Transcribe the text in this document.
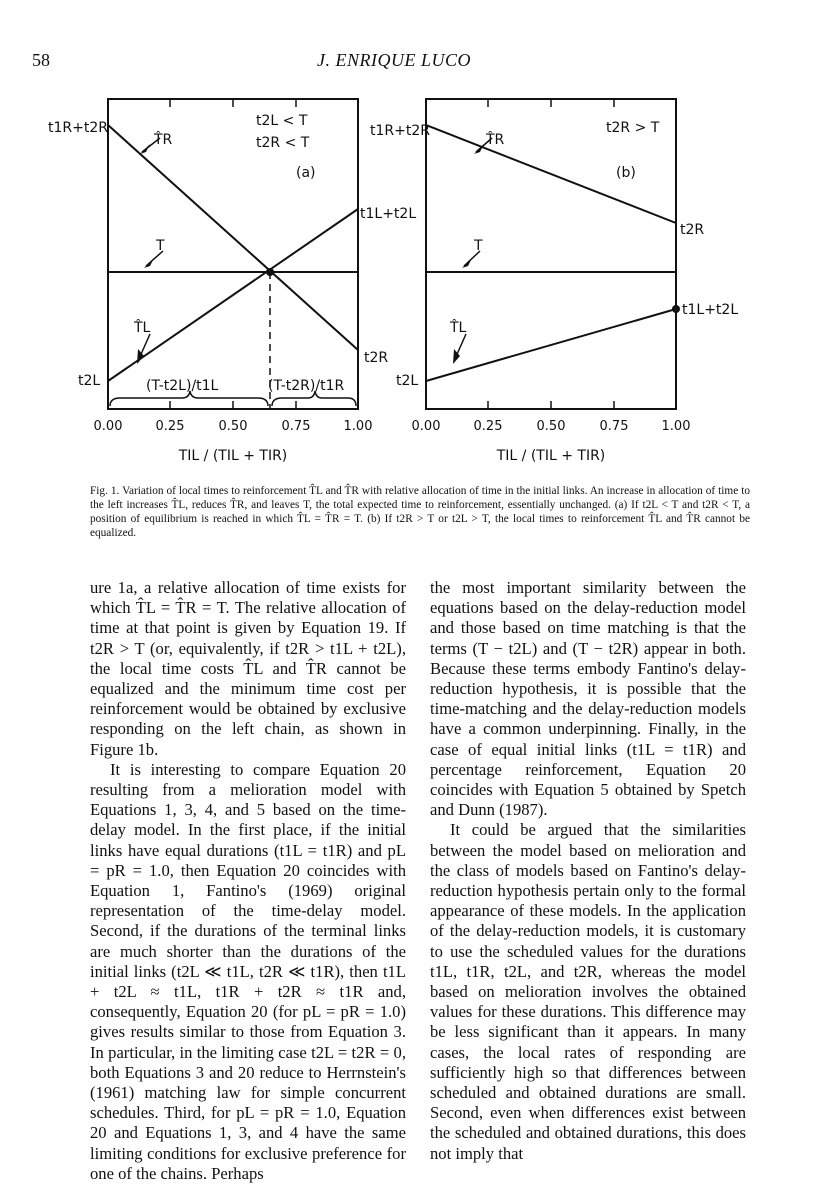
58	J. ENRIQUE LUCO
t1R+t2R
t2L
t1L+t2L
t2R
t2L < T
t2R < T
(a)
T̂R
T
T̂L
(T-t2L)/t1L	(T-t2R)/t1R
0.00	0.25	0.50	0.75	1.00
TIL / (TIL + TIR)
t1R+t2R
t2L
t2R
t1L+t2L
t2R > T
(b)
T̂R
T
T̂L
0.00	0.25	0.50	0.75	1.00
TIL / (TIL + TIR)
Fig. 1. Variation of local times to reinforcement T̂L and T̂R with relative allocation of time in the initial links. An increase in allocation of time to the left increases T̂L, reduces T̂R, and leaves T, the total expected time to reinforcement, essentially unchanged. (a) If t2L < T and t2R < T, a position of equilibrium is reached in which T̂L = T̂R = T. (b) If t2R > T or t2L > T, the local times to reinforcement T̂L and T̂R cannot be equalized.

ure 1a, a relative allocation of time exists for which T̂L = T̂R = T. The relative allocation of time at that point is given by Equation 19. If t2R > T (or, equivalently, if t2R > t1L + t2L), the local time costs T̂L and T̂R cannot be equalized and the minimum time cost per reinforcement would be obtained by exclusive responding on the left chain, as shown in Figure 1b.

It is interesting to compare Equation 20 resulting from a melioration model with Equations 1, 3, 4, and 5 based on the time-delay model. In the first place, if the initial links have equal durations (t1L = t1R) and pL = pR = 1.0, then Equation 20 coincides with Equation 1, Fantino's (1969) original representation of the time-delay model. Second, if the durations of the terminal links are much shorter than the durations of the initial links (t2L ≪ t1L, t2R ≪ t1R), then t1L + t2L ≈ t1L, t1R + t2R ≈ t1R and, consequently, Equation 20 (for pL = pR = 1.0) gives results similar to those from Equation 3. In particular, in the limiting case t2L = t2R = 0, both Equations 3 and 20 reduce to Herrnstein's (1961) matching law for simple concurrent schedules. Third, for pL = pR = 1.0, Equation 20 and Equations 1, 3, and 4 have the same limiting conditions for exclusive preference for one of the chains. Perhaps

the most important similarity between the equations based on the delay-reduction model and those based on time matching is that the terms (T − t2L) and (T − t2R) appear in both. Because these terms embody Fantino's delay-reduction hypothesis, it is possible that the time-matching and the delay-reduction models have a common underpinning. Finally, in the case of equal initial links (t1L = t1R) and percentage reinforcement, Equation 20 coincides with Equation 5 obtained by Spetch and Dunn (1987).

It could be argued that the similarities between the model based on melioration and the class of models based on Fantino's delay-reduction hypothesis pertain only to the formal appearance of these models. In the application of the delay-reduction models, it is customary to use the scheduled values for the durations t1L, t1R, t2L, and t2R, whereas the model based on melioration involves the obtained values for these durations. This difference may be less significant than it appears. In many cases, the local rates of responding are sufficiently high so that differences between scheduled and obtained durations are small. Second, even when differences exist between the scheduled and obtained durations, this does not imply that
